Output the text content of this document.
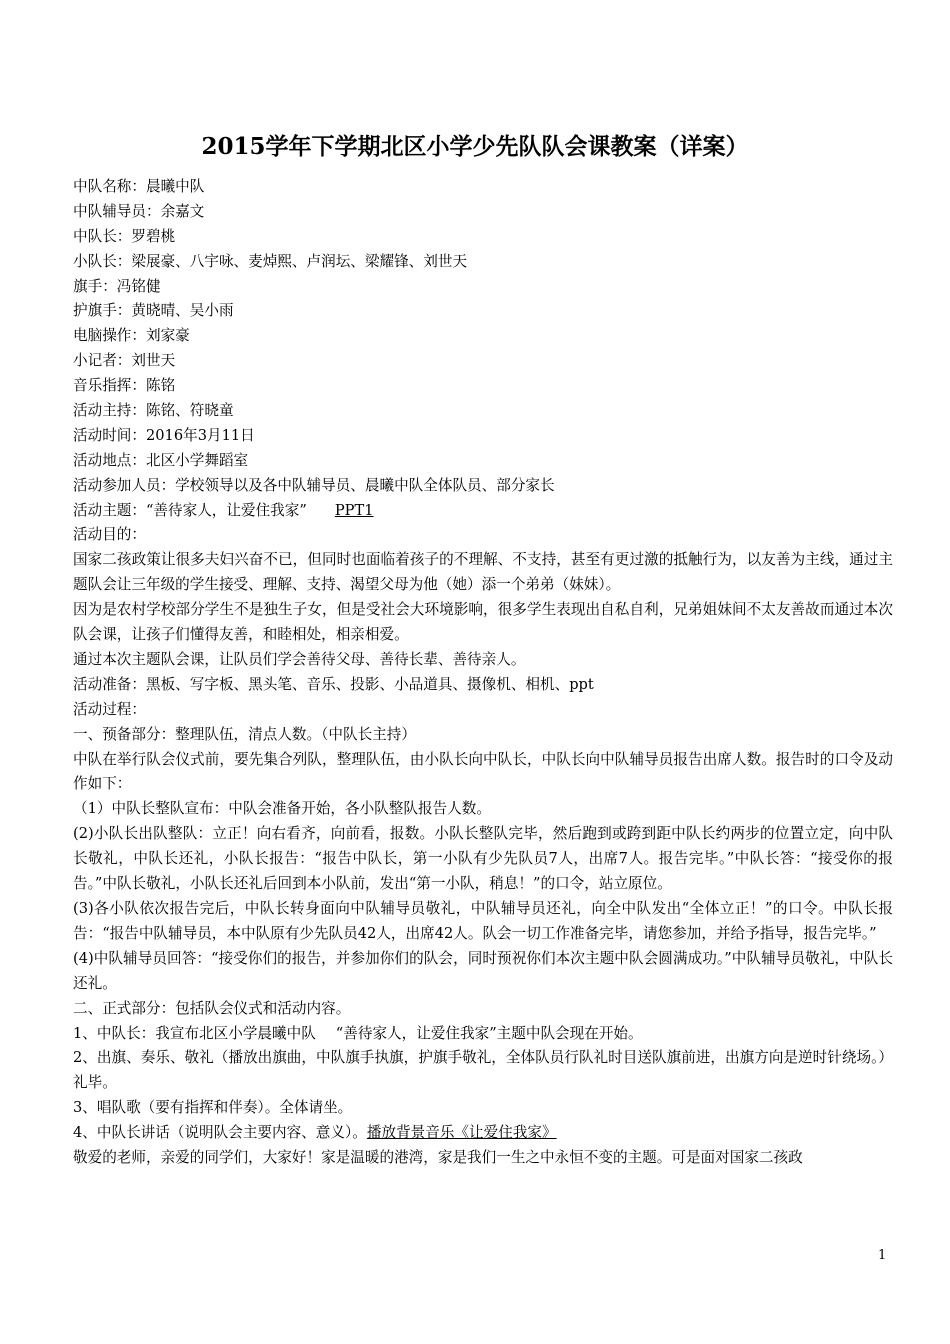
2015学年下学期北区小学少先队队会课教案（详案）
中队名称：晨曦中队
中队辅导员：余嘉文
中队长：罗碧桃
小队长：梁展豪、八宇咏、麦焯熙、卢润坛、梁耀锋、刘世天
旗手：冯铭健
护旗手：黄晓晴、吴小雨
电脑操作：刘家豪
小记者：刘世天
音乐指挥：陈铭
活动主持：陈铭、符晓童
活动时间：2016年3月11日
活动地点：北区小学舞蹈室
活动参加人员：学校领导以及各中队辅导员、晨曦中队全体队员、部分家长
活动主题：“善待家人，让爱住我家” PPT1
活动目的：
国家二孩政策让很多夫妇兴奋不已，但同时也面临着孩子的不理解、不支持，甚至有更过激的抵触行为，以友善为主线，通过主题队会让三年级的学生接受、理解、支持、渴望父母为他（她）添一个弟弟（妹妹）。
因为是农村学校部分学生不是独生子女，但是受社会大环境影响，很多学生表现出自私自利，兄弟姐妹间不太友善故而通过本次队会课，让孩子们懂得友善，和睦相处，相亲相爱。
通过本次主题队会课，让队员们学会善待父母、善待长辈、善待亲人。
活动准备：黑板、写字板、黑头笔、音乐、投影、小品道具、摄像机、相机、ppt
活动过程：
一、预备部分：整理队伍，清点人数。（中队长主持）
中队在举行队会仪式前，要先集合列队，整理队伍，由小队长向中队长，中队长向中队辅导员报告出席人数。报告时的口令及动作如下：
（1）中队长整队宣布：中队会准备开始，各小队整队报告人数。
(2)小队长出队整队：立正！向右看齐，向前看，报数。小队长整队完毕，然后跑到或跨到距中队长约两步的位置立定，向中队长敬礼，中队长还礼，小队长报告：“报告中队长，第一小队有少先队员7人，出席7人。报告完毕。”中队长答：“接受你的报告。”中队长敬礼，小队长还礼后回到本小队前，发出“第一小队，稍息！”的口令，站立原位。
(3)各小队依次报告完后，中队长转身面向中队辅导员敬礼，中队辅导员还礼，向全中队发出“全体立正！”的口令。中队长报告：“报告中队辅导员，本中队原有少先队员42人，出席42人。队会一切工作准备完毕，请您参加，并给予指导，报告完毕。”
(4)中队辅导员回答：“接受你们的报告，并参加你们的队会，同时预祝你们本次主题中队会圆满成功。”中队辅导员敬礼，中队长还礼。
二、正式部分：包括队会仪式和活动内容。
1、中队长：我宣布北区小学晨曦中队 “善待家人，让爱住我家”主题中队会现在开始。
2、出旗、奏乐、敬礼（播放出旗曲，中队旗手执旗，护旗手敬礼，全体队员行队礼时目送队旗前进，出旗方向是逆时针绕场。）礼毕。
3、唱队歌（要有指挥和伴奏）。全体请坐。
4、中队长讲话（说明队会主要内容、意义）。播放背景音乐《让爱住我家》
敬爱的老师，亲爱的同学们，大家好！家是温暖的港湾，家是我们一生之中永恒不变的主题。可是面对国家二孩政
1
